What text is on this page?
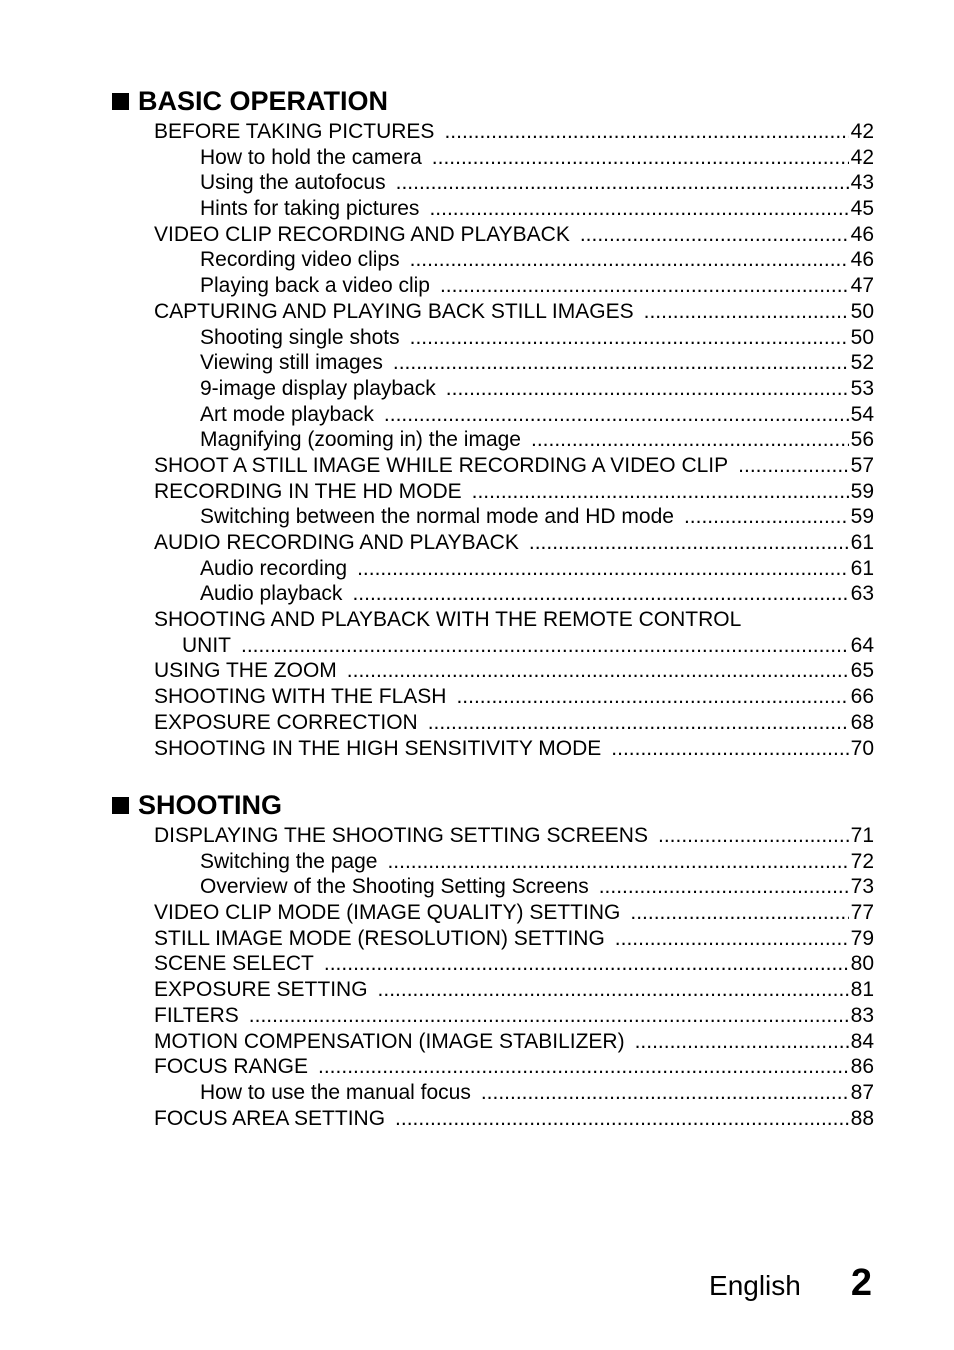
BASIC OPERATION
BEFORE TAKING PICTURES .....	42
How to hold the camera .....	42
Using the autofocus .....	43
Hints for taking pictures .....	45
VIDEO CLIP RECORDING AND PLAYBACK .....	46
Recording video clips .....	46
Playing back a video clip .....	47
CAPTURING AND PLAYING BACK STILL IMAGES .....	50
Shooting single shots .....	50
Viewing still images .....	52
9-image display playback .....	53
Art mode playback .....	54
Magnifying (zooming in) the image .....	56
SHOOT A STILL IMAGE WHILE RECORDING A VIDEO CLIP .....	57
RECORDING IN THE HD MODE .....	59
Switching between the normal mode and HD mode .....	59
AUDIO RECORDING AND PLAYBACK .....	61
Audio recording .....	61
Audio playback .....	63
SHOOTING AND PLAYBACK WITH THE REMOTE CONTROL
UNIT .....	64
USING THE ZOOM .....	65
SHOOTING WITH THE FLASH .....	66
EXPOSURE CORRECTION .....	68
SHOOTING IN THE HIGH SENSITIVITY MODE .....	70
SHOOTING
DISPLAYING THE SHOOTING SETTING SCREENS .....	71
Switching the page .....	72
Overview of the Shooting Setting Screens .....	73
VIDEO CLIP MODE (IMAGE QUALITY) SETTING .....	77
STILL IMAGE MODE (RESOLUTION) SETTING .....	79
SCENE SELECT .....	80
EXPOSURE SETTING .....	81
FILTERS .....	83
MOTION COMPENSATION (IMAGE STABILIZER) .....	84
FOCUS RANGE .....	86
How to use the manual focus .....	87
FOCUS AREA SETTING .....	88
English 2
